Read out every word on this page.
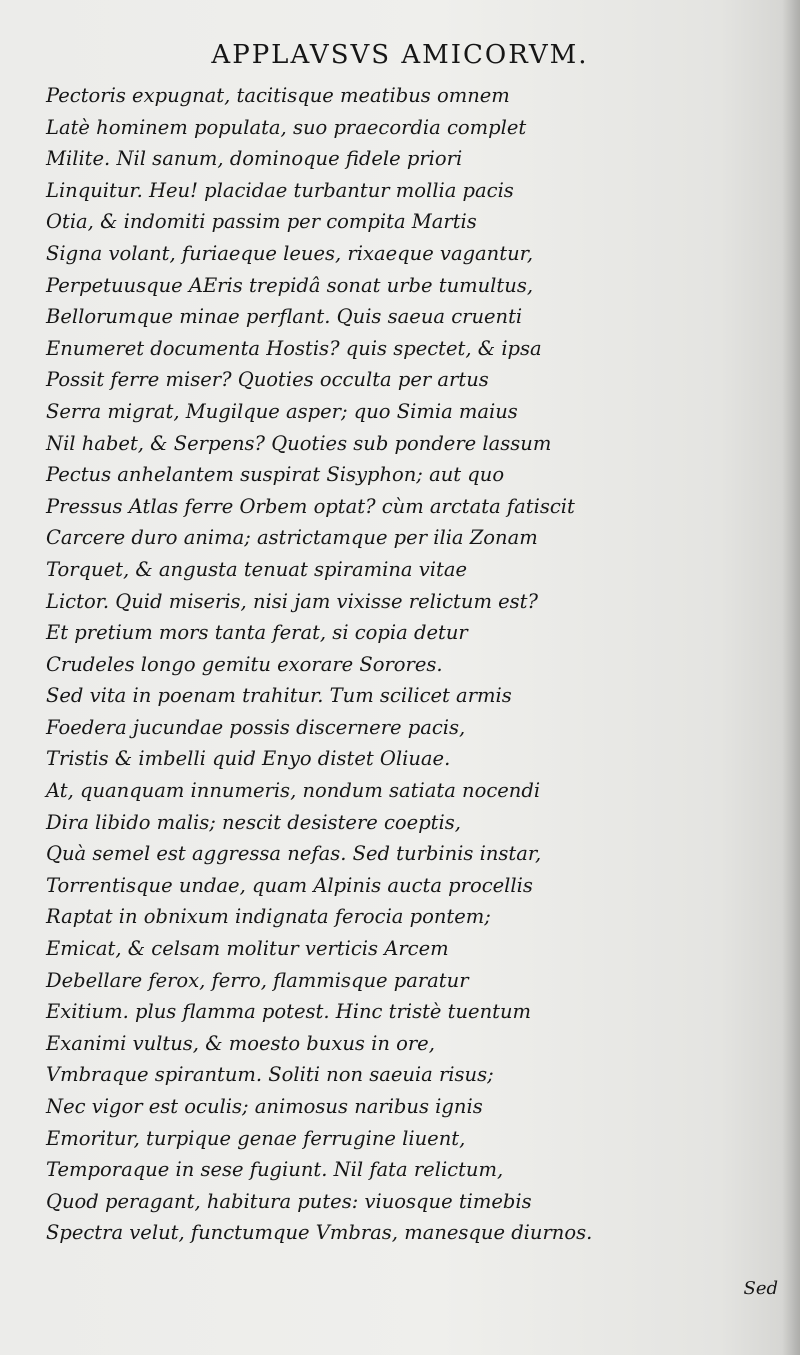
APPLAVSVS AMICORVM.
Pectoris expugnat, tacitisque meatibus omnem
Latè hominem populata, suo praecordia complet
Milite. Nil sanum, dominoque fidele priori
Linquitur. Heu! placidae turbantur mollia pacis
Otia, & indomiti passim per compita Martis
Signa volant, furiaeque leues, rixaeque vagantur,
Perpetuusque AEris trepidâ sonat urbe tumultus,
Bellorumque minae perflant. Quis saeua cruenti
Enumeret documenta Hostis? quis spectet, & ipsa
Possit ferre miser? Quoties occulta per artus
Serra migrat, Mugilque asper; quo Simia maius
Nil habet, & Serpens? Quoties sub pondere lassum
Pectus anhelantem suspirat Sisyphon; aut quo
Pressus Atlas ferre Orbem optat? cùm arctata fatiscit
Carcere duro anima; astrictamque per ilia Zonam
Torquet, & angusta tenuat spiramina vitae
Lictor. Quid miseris, nisi jam vixisse relictum est?
Et pretium mors tanta ferat, si copia detur
Crudeles longo gemitu exorare Sorores.
Sed vita in poenam trahitur. Tum scilicet armis
Foedera jucundae possis discernere pacis,
Tristis & imbelli quid Enyo distet Oliuae.
At, quanquam innumeris, nondum satiata nocendi
Dira libido malis; nescit desistere coeptis,
Quà semel est aggressa nefas. Sed turbinis instar,
Torrentisque undae, quam Alpinis aucta procellis
Raptat in obnixum indignata ferocia pontem;
Emicat, & celsam molitur verticis Arcem
Debellare ferox, ferro, flammisque paratur
Exitium. plus flamma potest. Hinc tristè tuentum
Exanimi vultus, & moesto buxus in ore,
Vmbraque spirantum. Soliti non saeuia risus;
Nec vigor est oculis; animosus naribus ignis
Emoritur, turpique genae ferrugine liuent,
Temporaque in sese fugiunt. Nil fata relictum,
Quod peragant, habitura putes: viuosque timebis
Spectra velut, functumque Vmbras, manesque diurnos.
Sed
